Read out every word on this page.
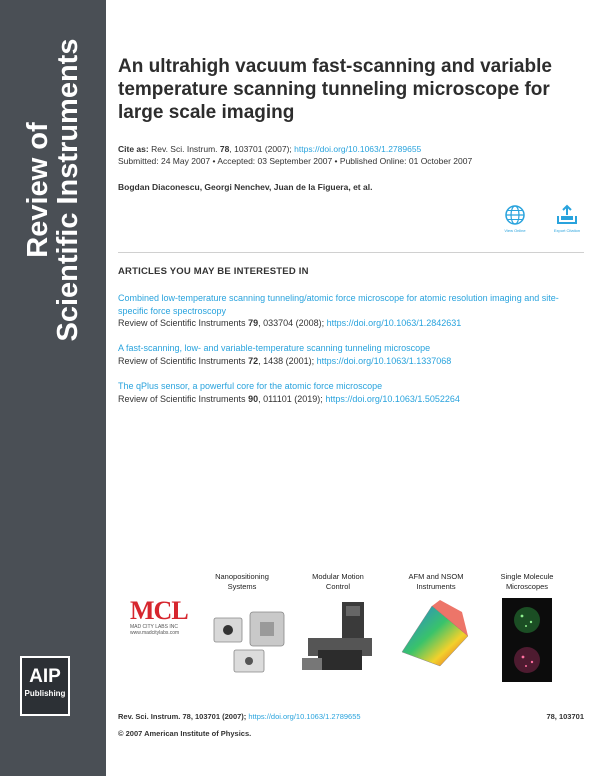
Review of
Scientific Instruments
AIP
Publishing
An ultrahigh vacuum fast-scanning and variable temperature scanning tunneling microscope for large scale imaging
Cite as: Rev. Sci. Instrum. 78, 103701 (2007); https://doi.org/10.1063/1.2789655
Submitted: 24 May 2007 • Accepted: 03 September 2007 • Published Online: 01 October 2007
Bogdan Diaconescu, Georgi Nenchev, Juan de la Figuera, et al.
View Online	Export Citation
ARTICLES YOU MAY BE INTERESTED IN
Combined low-temperature scanning tunneling/atomic force microscope for atomic resolution imaging and site-specific force spectroscopy
Review of Scientific Instruments 79, 033704 (2008); https://doi.org/10.1063/1.2842631
A fast-scanning, low- and variable-temperature scanning tunneling microscope
Review of Scientific Instruments 72, 1438 (2001); https://doi.org/10.1063/1.1337068
The qPlus sensor, a powerful core for the atomic force microscope
Review of Scientific Instruments 90, 011101 (2019); https://doi.org/10.1063/1.5052264
MCL
MAD CITY LABS INC
www.madcitylabs.com
Nanopositioning Systems
Modular Motion Control
AFM and NSOM Instruments
Single Molecule Microscopes
Rev. Sci. Instrum. 78, 103701 (2007); https://doi.org/10.1063/1.2789655	78, 103701
© 2007 American Institute of Physics.
